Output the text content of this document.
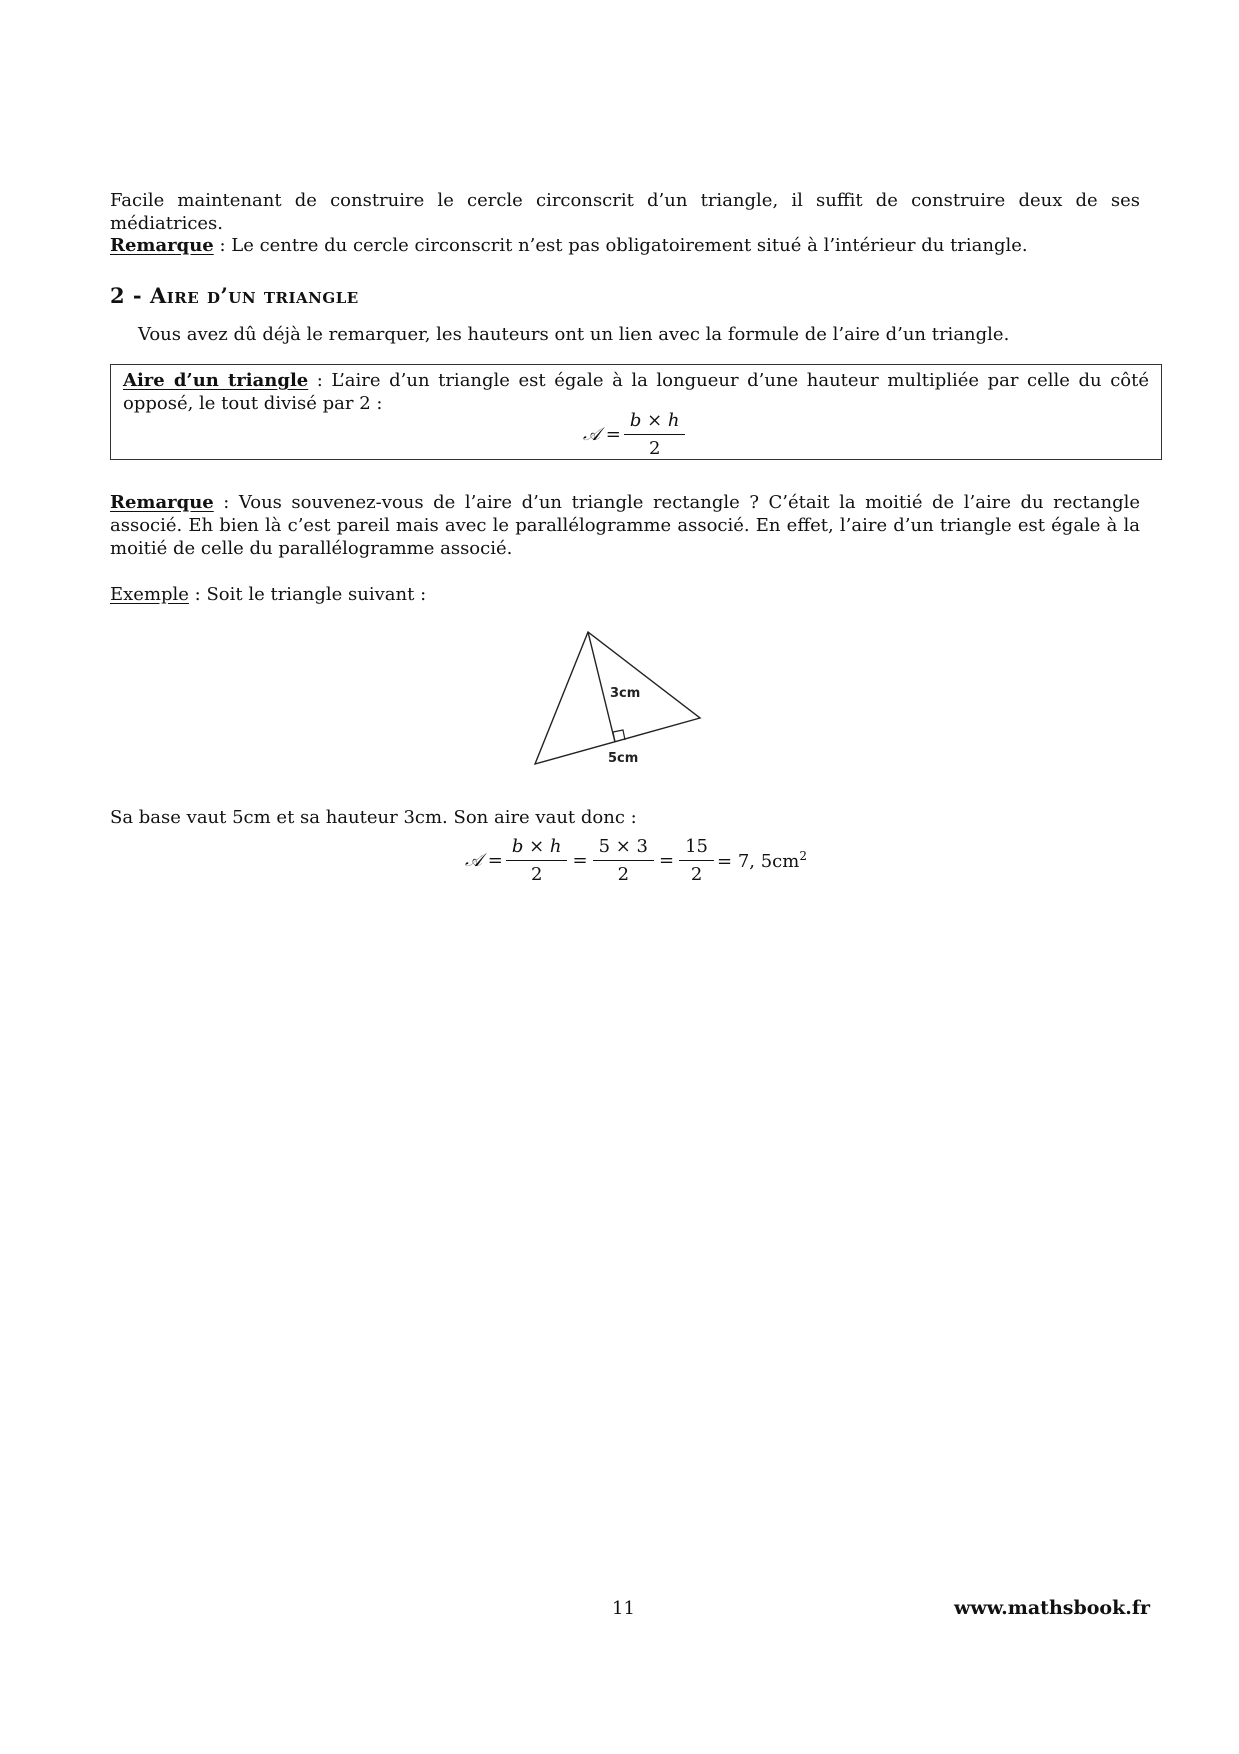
Facile maintenant de construire le cercle circonscrit d’un triangle, il suffit de construire deux de ses médiatrices.

Remarque : Le centre du cercle circonscrit n’est pas obligatoirement situé à l’intérieur du triangle.

2 - Aire d’un triangle

Vous avez dû déjà le remarquer, les hauteurs ont un lien avec la formule de l’aire d’un triangle.

Aire d’un triangle : L’aire d’un triangle est égale à la longueur d’une hauteur multipliée par celle du côté opposé, le tout divisé par 2 :

𝒜 = $\frac{b \times h}{2}$

Remarque : Vous souvenez-vous de l’aire d’un triangle rectangle ? C’était la moitié de l’aire du rectangle associé. Eh bien là c’est pareil mais avec le parallélogramme associé. En effet, l’aire d’un triangle est égale à la moitié de celle du parallélogramme associé.

Exemple : Soit le triangle suivant :

3cm
5cm

Sa base vaut 5cm et sa hauteur 3cm. Son aire vaut donc :

𝒜 = $\frac{b \times h}{2} = \frac{5 \times 3}{2} = \frac{15}{2} = 7$, $5cm^2$
11	www.mathsbook.fr
